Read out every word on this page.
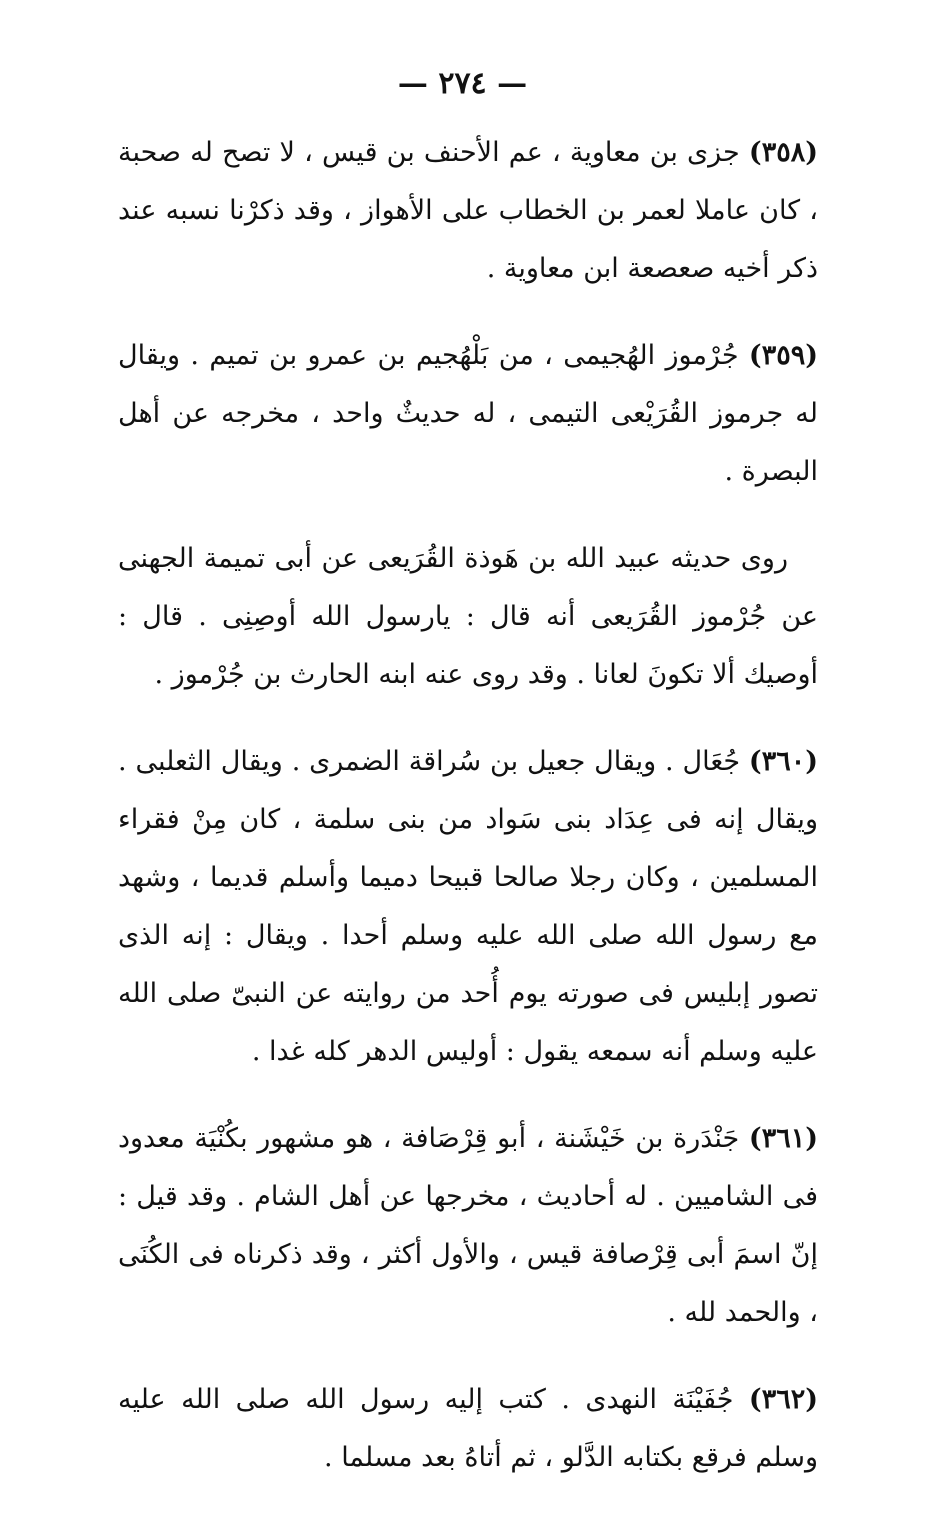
— ٢٧٤ —

(٣٥٨) جزى بن معاوية ، عم الأحنف بن قيس ، لا تصح له صحبة ، كان عاملا لعمر بن الخطاب على الأهواز ، وقد ذكرْنا نسبه عند ذكر أخيه صعصعة ابن معاوية .

(٣٥٩) جُرْموز الهُجيمى ، من بَلْهُجيم بن عمرو بن تميم . ويقال له جرموز القُرَيْعى التيمى ، له حديثٌ واحد ، مخرجه عن أهل البصرة .

روى حديثه عبيد الله بن هَوذة القُرَيعى عن أبى تميمة الجهنى عن جُرْموز القُرَيعى أنه قال : يارسول الله أوصِنِى . قال : أوصيك ألا تكونَ لعانا . وقد روى عنه ابنه الحارث بن جُرْموز .

(٣٦٠) جُعَال . ويقال جعيل بن سُراقة الضمرى . ويقال الثعلبى . ويقال إنه فى عِدَاد بنى سَواد من بنى سلمة ، كان مِنْ فقراء المسلمين ، وكان رجلا صالحا قبيحا دميما وأسلم قديما ، وشهد مع رسول الله صلى الله عليه وسلم أحدا . ويقال : إنه الذى تصور إبليس فى صورته يوم أُحد من روايته عن النبىّ صلى الله عليه وسلم أنه سمعه يقول : أوليس الدهر كله غدا .

(٣٦١) جَنْدَرة بن خَيْشَنة ، أبو قِرْصَافة ، هو مشهور بكُنْيَة معدود فى الشاميين . له أحاديث ، مخرجها عن أهل الشام . وقد قيل : إنّ اسمَ أبى قِرْصافة قيس ، والأول أكثر ، وقد ذكرناه فى الكُنَى ، والحمد لله .

(٣٦٢) جُفَيْنَة النهدى . كتب إليه رسول الله صلى الله عليه وسلم فرقع بكتابه الدَّلو ، ثم أتاهُ بعد مسلما .
